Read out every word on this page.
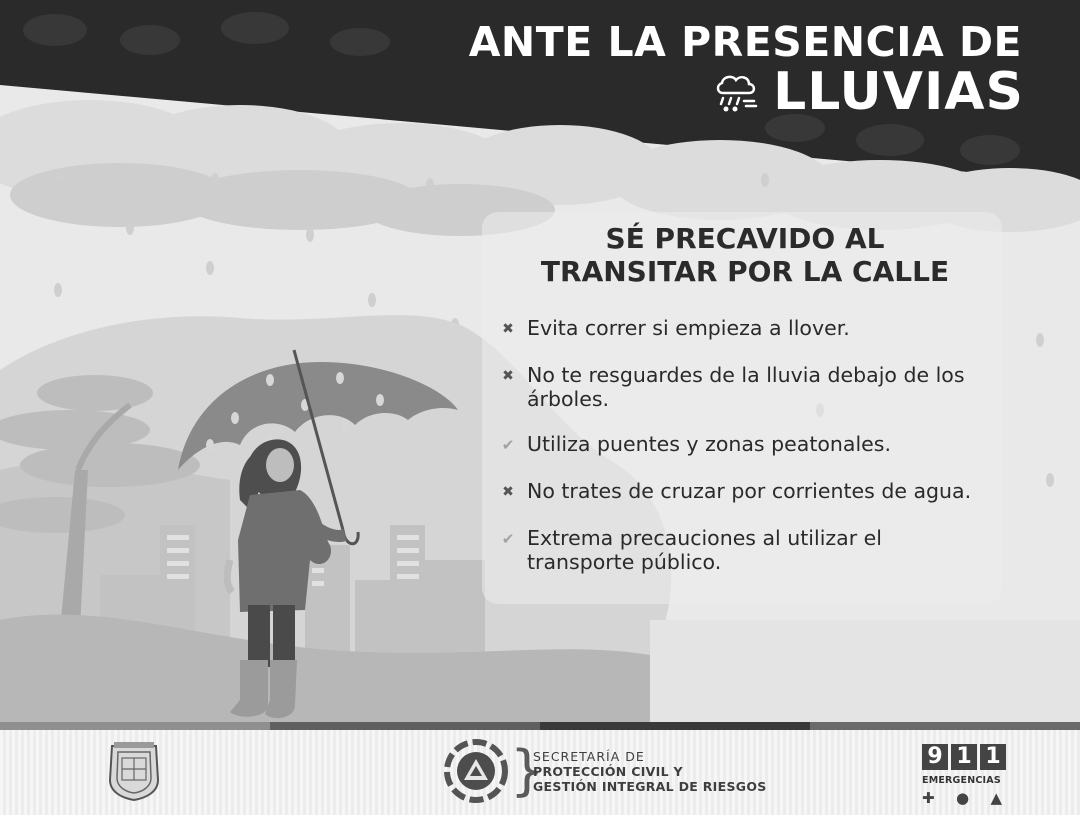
ANTE LA PRESENCIA DE
LLUVIAS
SÉ PRECAVIDO AL
TRANSITAR POR LA CALLE
✖ Evita correr si empieza a llover.
✖ No te resguardes de la lluvia debajo de los árboles.
✔ Utiliza puentes y zonas peatonales.
✖ No trates de cruzar por corrientes de agua.
✔ Extrema precauciones al utilizar el transporte público.
}
SECRETARÍA DE
PROTECCIÓN CIVIL Y
GESTIÓN INTEGRAL DE RIESGOS
9 1 1
EMERGENCIAS
✚ ● ▲
